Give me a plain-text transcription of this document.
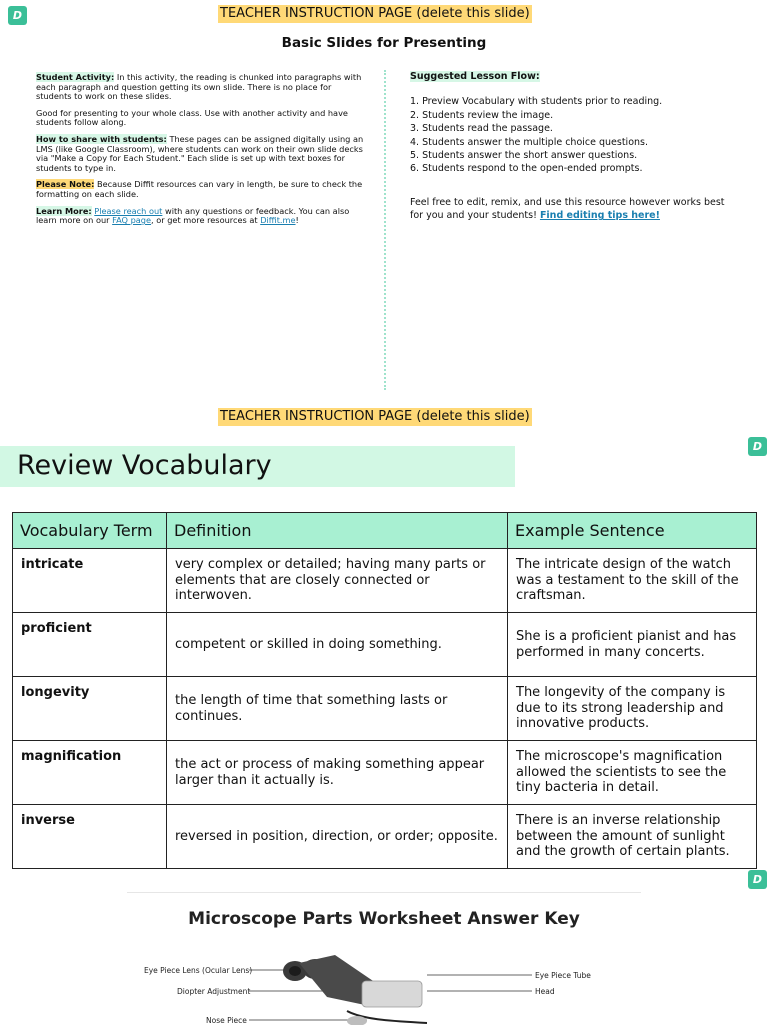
D	TEACHER INSTRUCTION PAGE (delete this slide)
Basic Slides for Presenting

Student Activity: In this activity, the reading is chunked into paragraphs with each paragraph and question getting its own slide. There is no place for students to work on these slides.

Good for presenting to your whole class. Use with another activity and have students follow along.

How to share with students: These pages can be assigned digitally using an LMS (like Google Classroom), where students can work on their own slide decks via "Make a Copy for Each Student." Each slide is set up with text boxes for students to type in.

Please Note: Because Diffit resources can vary in length, be sure to check the formatting on each slide.

Learn More: Please reach out with any questions or feedback. You can also learn more on our FAQ page, or get more resources at Diffit.me!

Suggested Lesson Flow:
1. Preview Vocabulary with students prior to reading.
2. Students review the image.
3. Students read the passage.
4. Students answer the multiple choice questions.
5. Students answer the short answer questions.
6. Students respond to the open-ended prompts.
Feel free to edit, remix, and use this resource however works best for you and your students! Find editing tips here!
TEACHER INSTRUCTION PAGE (delete this slide)
D
Review Vocabulary
Vocabulary Term	Definition	Example Sentence
intricate	very complex or detailed; having many parts or elements that are closely connected or interwoven.	The intricate design of the watch was a testament to the skill of the craftsman.
proficient	competent or skilled in doing something.	She is a proficient pianist and has performed in many concerts.
longevity	the length of time that something lasts or continues.	The longevity of the company is due to its strong leadership and innovative products.
magnification	the act or process of making something appear larger than it actually is.	The microscope's magnification allowed the scientists to see the tiny bacteria in detail.
inverse	reversed in position, direction, or order; opposite.	There is an inverse relationship between the amount of sunlight and the growth of certain plants.
D
Microscope Parts Worksheet Answer Key
Eye Piece Lens (Ocular Lens)
Diopter Adjustment
Nose Piece
Eye Piece Tube
Head
